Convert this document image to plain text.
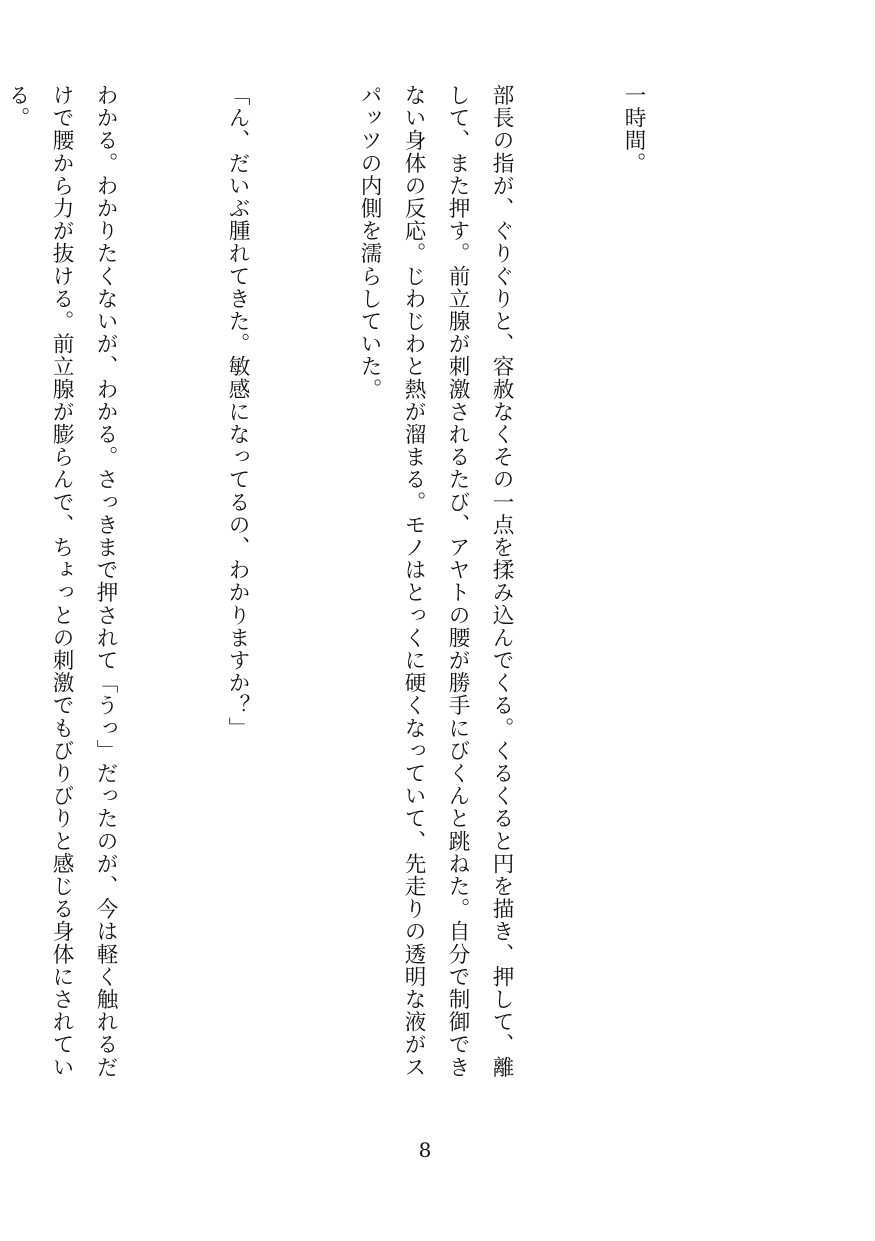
一時間。

部長の指が、ぐりぐりと、容赦なくその一点を揉み込んでくる。くるくると円を描き、押して、離して、また押す。前立腺が刺激されるたび、アヤトの腰が勝手にびくんと跳ねた。自分で制御できない身体の反応。じわじわと熱が溜まる。モノはとっくに硬くなっていて、先走りの透明な液がスパッツの内側を濡らしていた。

「ん、だいぶ腫れてきた。敏感になってるの、わかりますか？」

わかる。わかりたくないが、わかる。さっきまで押されて「うっ」だったのが、今は軽く触れるだけで腰から力が抜ける。前立腺が膨らんで、ちょっとの刺激でもびりびりと感じる身体にされている。

8
